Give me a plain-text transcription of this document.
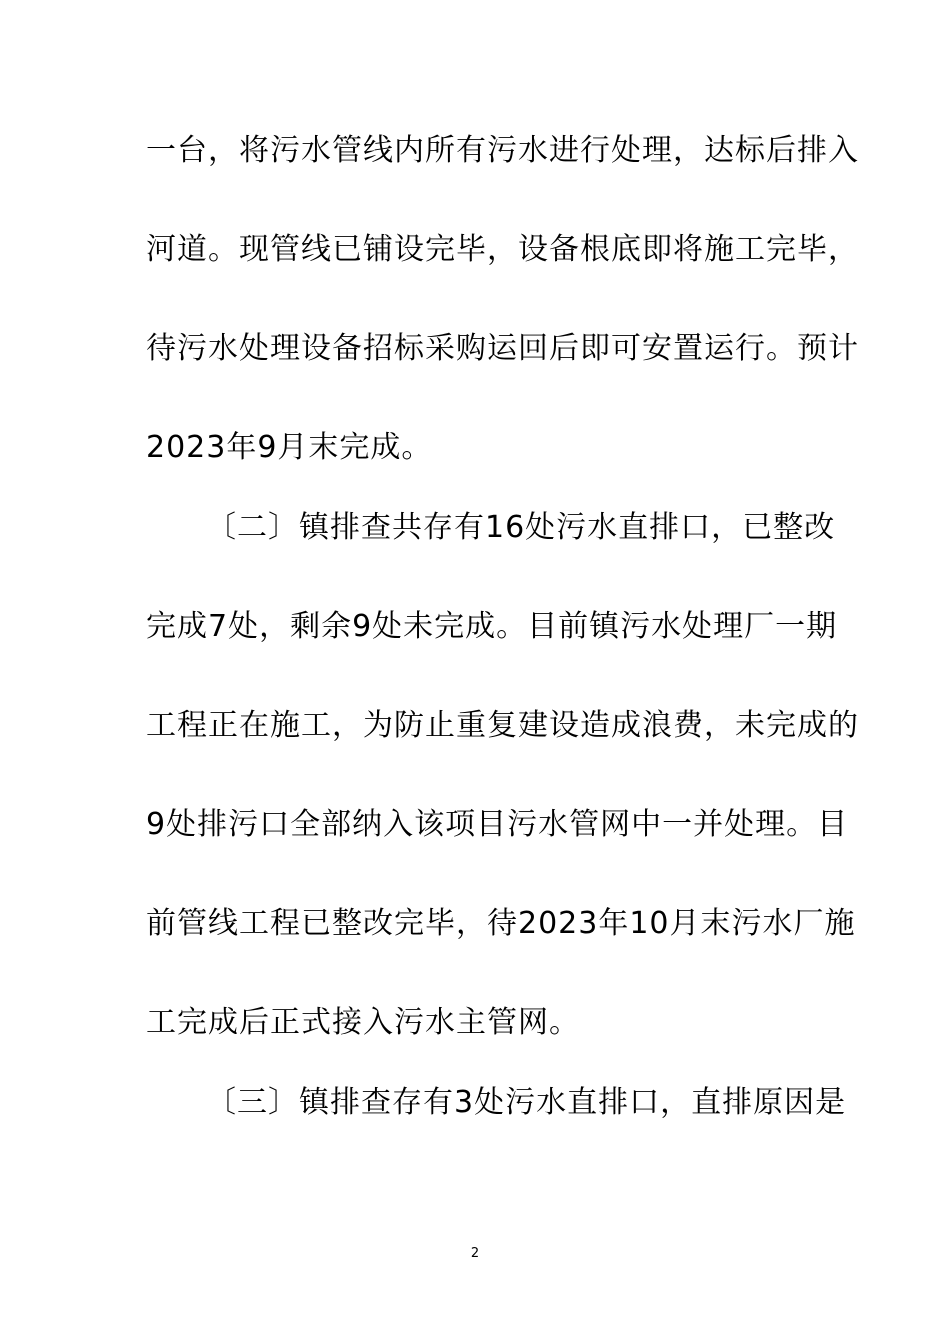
一台，将污水管线内所有污水进行处理，达标后排入
河道。现管线已铺设完毕，设备根底即将施工完毕，
待污水处理设备招标采购运回后即可安置运行。预计
2023年9月末完成。
〔二〕镇排查共存有16处污水直排口，已整改
完成7处，剩余9处未完成。目前镇污水处理厂一期
工程正在施工，为防止重复建设造成浪费，未完成的
9处排污口全部纳入该项目污水管网中一并处理。目
前管线工程已整改完毕，待2023年10月末污水厂施
工完成后正式接入污水主管网。
〔三〕镇排查存有3处污水直排口，直排原因是
2
